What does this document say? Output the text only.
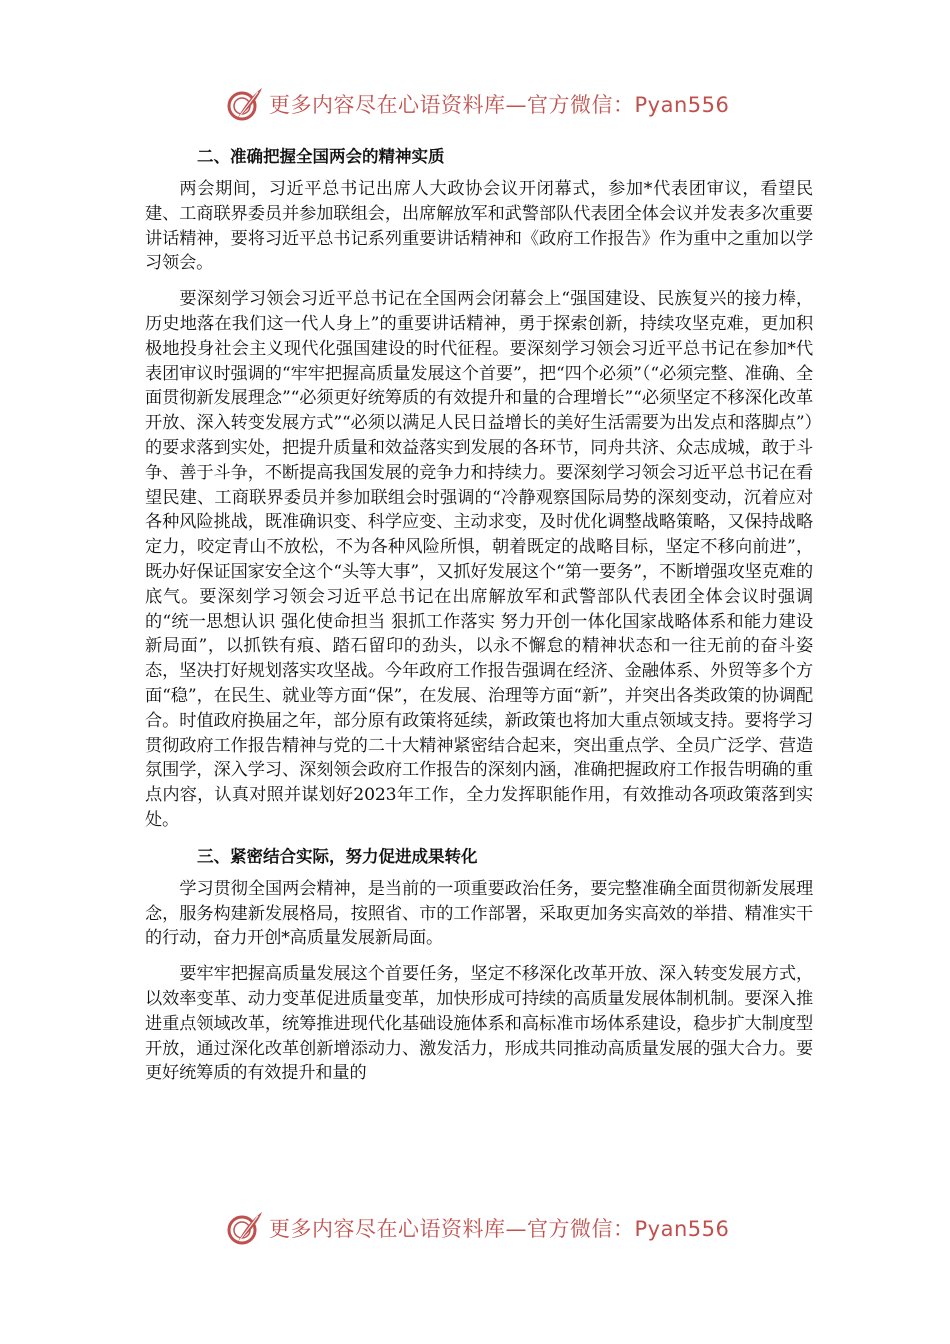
更多内容尽在心语资料库—官方微信：Pyan556
二、准确把握全国两会的精神实质

两会期间，习近平总书记出席人大政协会议开闭幕式，参加*代表团审议，看望民建、工商联界委员并参加联组会，出席解放军和武警部队代表团全体会议并发表多次重要讲话精神，要将习近平总书记系列重要讲话精神和《政府工作报告》作为重中之重加以学习领会。

要深刻学习领会习近平总书记在全国两会闭幕会上“强国建设、民族复兴的接力棒，历史地落在我们这一代人身上”的重要讲话精神，勇于探索创新，持续攻坚克难，更加积极地投身社会主义现代化强国建设的时代征程。要深刻学习领会习近平总书记在参加*代表团审议时强调的“牢牢把握高质量发展这个首要”，把“四个必须”（“必须完整、准确、全面贯彻新发展理念”“必须更好统筹质的有效提升和量的合理增长”“必须坚定不移深化改革开放、深入转变发展方式”“必须以满足人民日益增长的美好生活需要为出发点和落脚点”）的要求落到实处，把提升质量和效益落实到发展的各环节，同舟共济、众志成城，敢于斗争、善于斗争，不断提高我国发展的竞争力和持续力。要深刻学习领会习近平总书记在看望民建、工商联界委员并参加联组会时强调的“冷静观察国际局势的深刻变动，沉着应对各种风险挑战，既准确识变、科学应变、主动求变，及时优化调整战略策略，又保持战略定力，咬定青山不放松，不为各种风险所惧，朝着既定的战略目标，坚定不移向前进”，既办好保证国家安全这个“头等大事”，又抓好发展这个“第一要务”，不断增强攻坚克难的底气。要深刻学习领会习近平总书记在出席解放军和武警部队代表团全体会议时强调的“统一思想认识 强化使命担当 狠抓工作落实 努力开创一体化国家战略体系和能力建设新局面”，以抓铁有痕、踏石留印的劲头，以永不懈怠的精神状态和一往无前的奋斗姿态，坚决打好规划落实攻坚战。今年政府工作报告强调在经济、金融体系、外贸等多个方面“稳”，在民生、就业等方面“保”，在发展、治理等方面“新”，并突出各类政策的协调配合。时值政府换届之年，部分原有政策将延续，新政策也将加大重点领域支持。要将学习贯彻政府工作报告精神与党的二十大精神紧密结合起来，突出重点学、全员广泛学、营造氛围学，深入学习、深刻领会政府工作报告的深刻内涵，准确把握政府工作报告明确的重点内容，认真对照并谋划好2023年工作，全力发挥职能作用，有效推动各项政策落到实处。

三、紧密结合实际，努力促进成果转化

学习贯彻全国两会精神，是当前的一项重要政治任务，要完整准确全面贯彻新发展理念，服务构建新发展格局，按照省、市的工作部署，采取更加务实高效的举措、精准实干的行动，奋力开创*高质量发展新局面。

要牢牢把握高质量发展这个首要任务，坚定不移深化改革开放、深入转变发展方式，以效率变革、动力变革促进质量变革，加快形成可持续的高质量发展体制机制。要深入推进重点领域改革，统筹推进现代化基础设施体系和高标准市场体系建设，稳步扩大制度型开放，通过深化改革创新增添动力、激发活力，形成共同推动高质量发展的强大合力。要更好统筹质的有效提升和量的

更多内容尽在心语资料库—官方微信：Pyan556
